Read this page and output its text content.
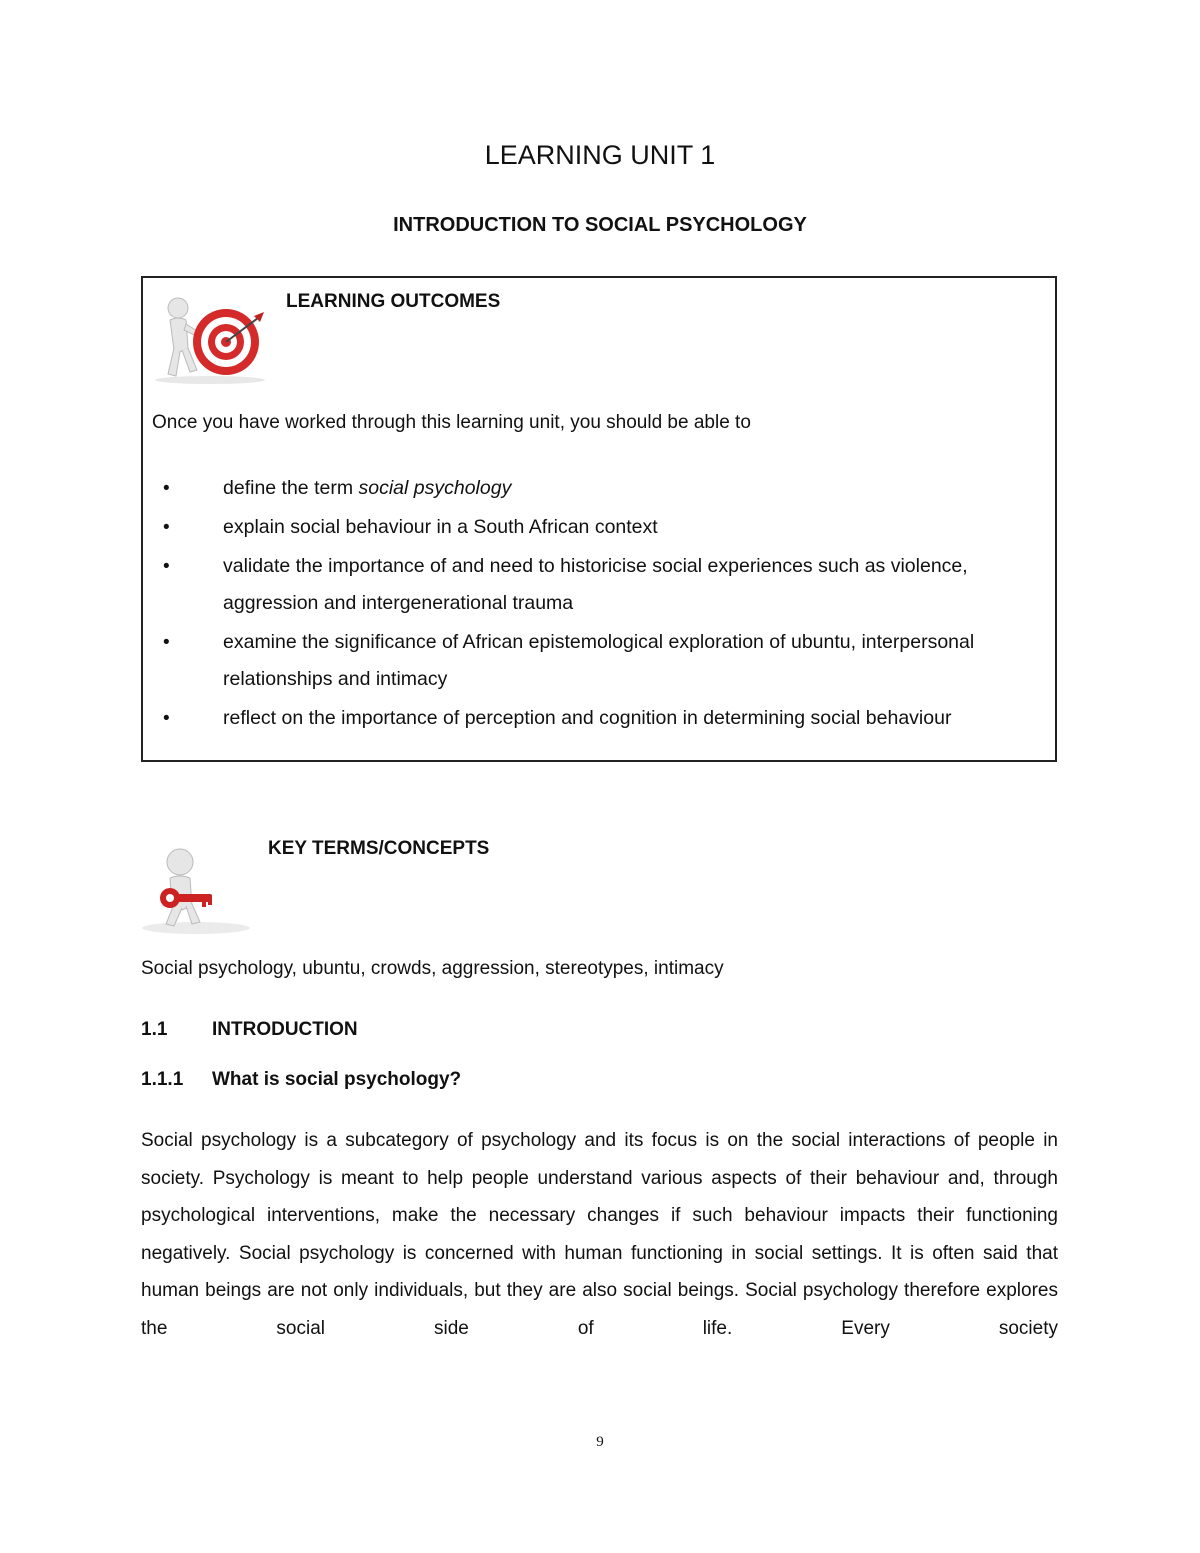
LEARNING UNIT 1
INTRODUCTION TO SOCIAL PSYCHOLOGY
LEARNING OUTCOMES
Once you have worked through this learning unit, you should be able to
•	define the term social psychology
•	explain social behaviour in a South African context
•	validate the importance of and need to historicise social experiences such as violence, aggression and intergenerational trauma
•	examine the significance of African epistemological exploration of ubuntu, interpersonal relationships and intimacy
•	reflect on the importance of perception and cognition in determining social behaviour
KEY TERMS/CONCEPTS
Social psychology, ubuntu, crowds, aggression, stereotypes, intimacy
1.1 INTRODUCTION
1.1.1 What is social psychology?
Social psychology is a subcategory of psychology and its focus is on the social interactions of people in society. Psychology is meant to help people understand various aspects of their behaviour and, through psychological interventions, make the necessary changes if such behaviour impacts their functioning negatively. Social psychology is concerned with human functioning in social settings. It is often said that human beings are not only individuals, but they are also social beings. Social psychology therefore explores the social side of life. Every society
9
